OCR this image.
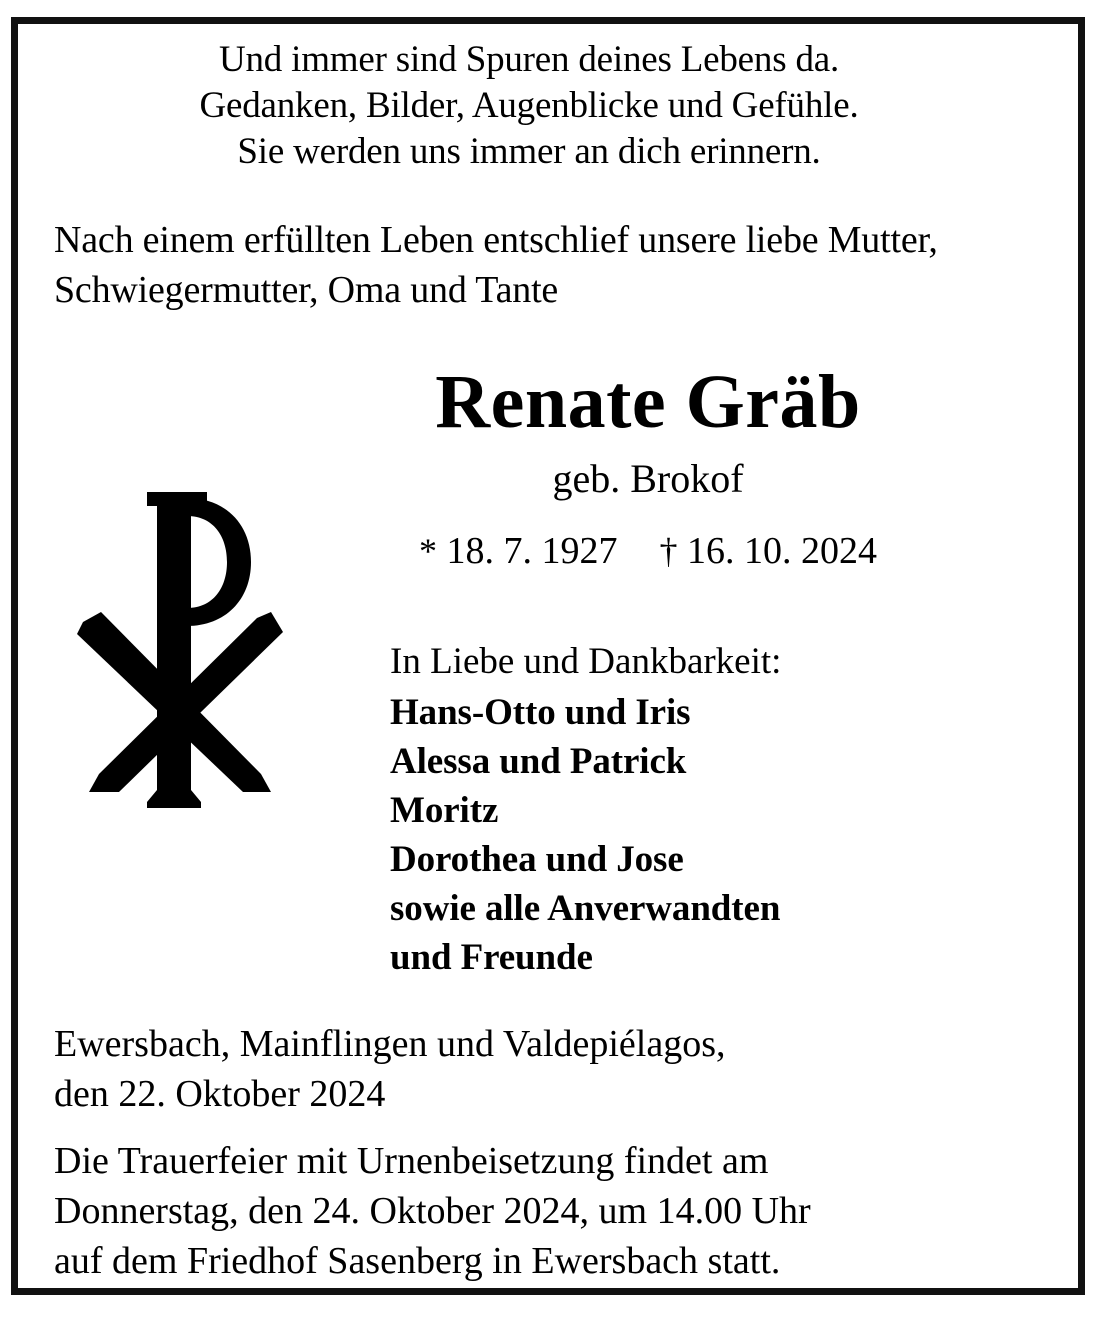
Und immer sind Spuren deines Lebens da.
Gedanken, Bilder, Augenblicke und Gefühle.
Sie werden uns immer an dich erinnern.
Nach einem erfüllten Leben entschlief unsere liebe Mutter,
Schwiegermutter, Oma und Tante
Renate Gräb

geb. Brokof

* 18. 7. 1927 † 16. 10. 2024

In Liebe und Dankbarkeit:

Hans-Otto und Iris
Alessa und Patrick
Moritz
Dorothea und Jose
sowie alle Anverwandten
und Freunde
Ewersbach, Mainflingen und Valdepiélagos,
den 22. Oktober 2024
Die Trauerfeier mit Urnenbeisetzung findet am
Donnerstag, den 24. Oktober 2024, um 14.00 Uhr
auf dem Friedhof Sasenberg in Ewersbach statt.
